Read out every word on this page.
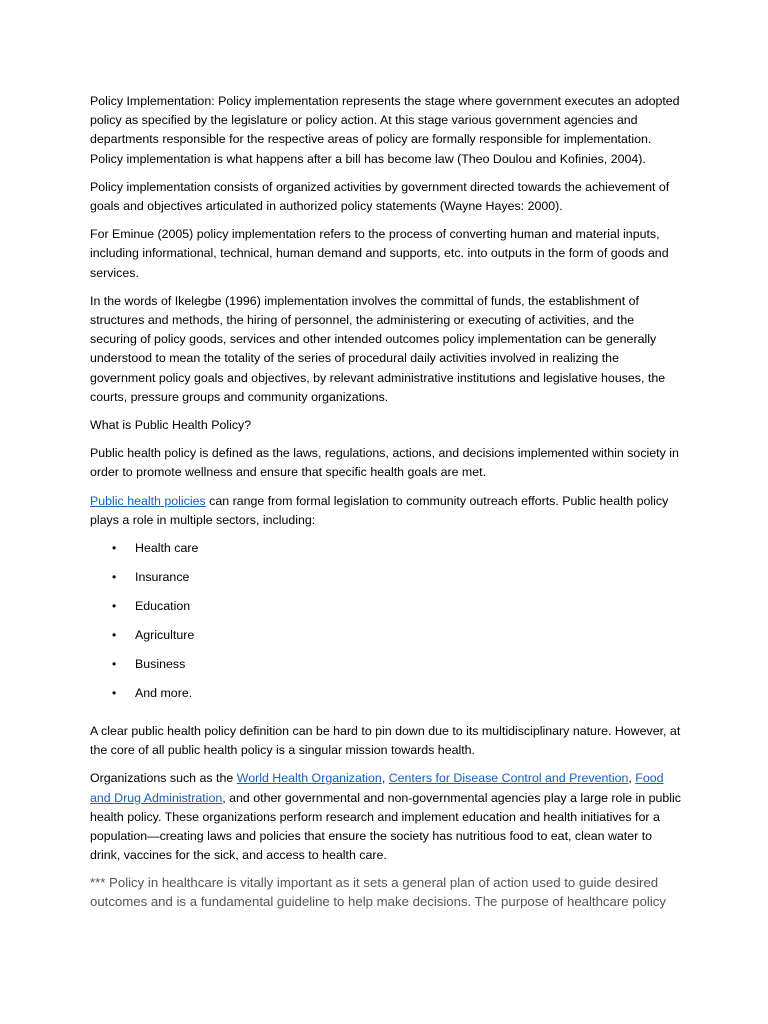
Policy Implementation: Policy implementation represents the stage where government executes an adopted policy as specified by the legislature or policy action. At this stage various government agencies and departments responsible for the respective areas of policy are formally responsible for implementation. Policy implementation is what happens after a bill has become law (Theo Doulou and Kofinies, 2004).

Policy implementation consists of organized activities by government directed towards the achievement of goals and objectives articulated in authorized policy statements (Wayne Hayes: 2000).

For Eminue (2005) policy implementation refers to the process of converting human and material inputs, including informational, technical, human demand and supports, etc. into outputs in the form of goods and services.

In the words of Ikelegbe (1996) implementation involves the committal of funds, the establishment of structures and methods, the hiring of personnel, the administering or executing of activities, and the securing of policy goods, services and other intended outcomes policy implementation can be generally understood to mean the totality of the series of procedural daily activities involved in realizing the government policy goals and objectives, by relevant administrative institutions and legislative houses, the courts, pressure groups and community organizations.

What is Public Health Policy?

Public health policy is defined as the laws, regulations, actions, and decisions implemented within society in order to promote wellness and ensure that specific health goals are met.

Public health policies can range from formal legislation to community outreach efforts. Public health policy plays a role in multiple sectors, including:

• Health care
• Insurance
• Education
• Agriculture
• Business
• And more.

A clear public health policy definition can be hard to pin down due to its multidisciplinary nature. However, at the core of all public health policy is a singular mission towards health.

Organizations such as the World Health Organization, Centers for Disease Control and Prevention, Food and Drug Administration, and other governmental and non-governmental agencies play a large role in public health policy. These organizations perform research and implement education and health initiatives for a population—creating laws and policies that ensure the society has nutritious food to eat, clean water to drink, vaccines for the sick, and access to health care.

*** Policy in healthcare is vitally important as it sets a general plan of action used to guide desired outcomes and is a fundamental guideline to help make decisions. The purpose of healthcare policy
